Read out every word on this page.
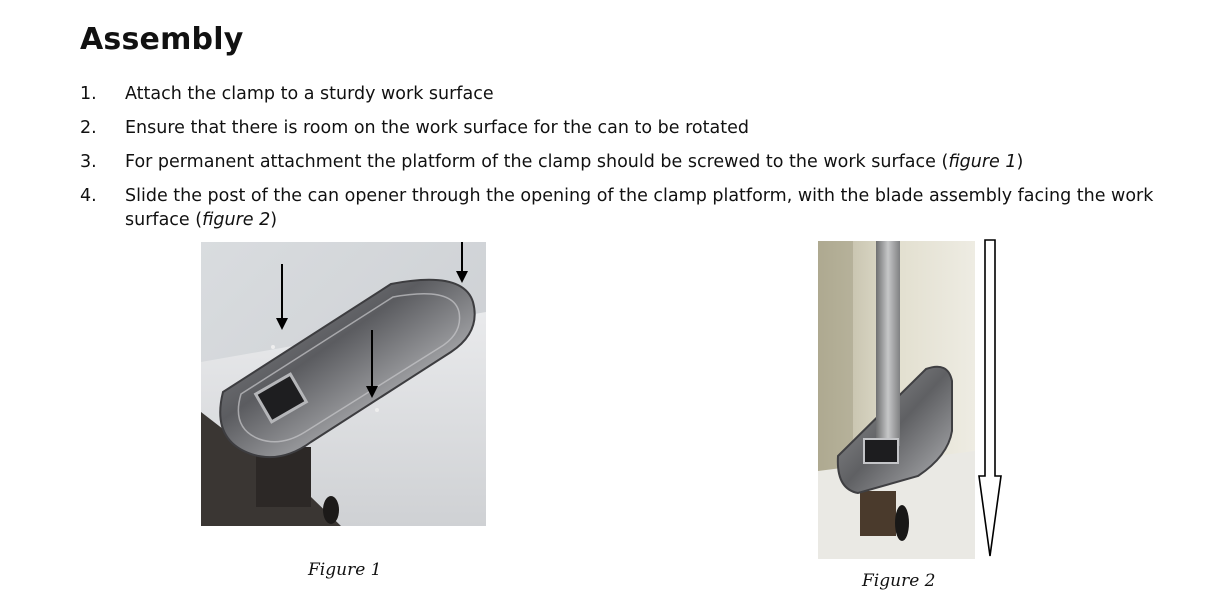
Assembly
1.	Attach the clamp to a sturdy work surface
2.	Ensure that there is room on the work surface for the can to be rotated
3.	For permanent attachment the platform of the clamp should be screwed to the work surface (figure 1)
4.	Slide the post of the can opener through the opening of the clamp platform, with the blade assembly facing the work
surface (figure 2)
Figure 1
Figure 2
